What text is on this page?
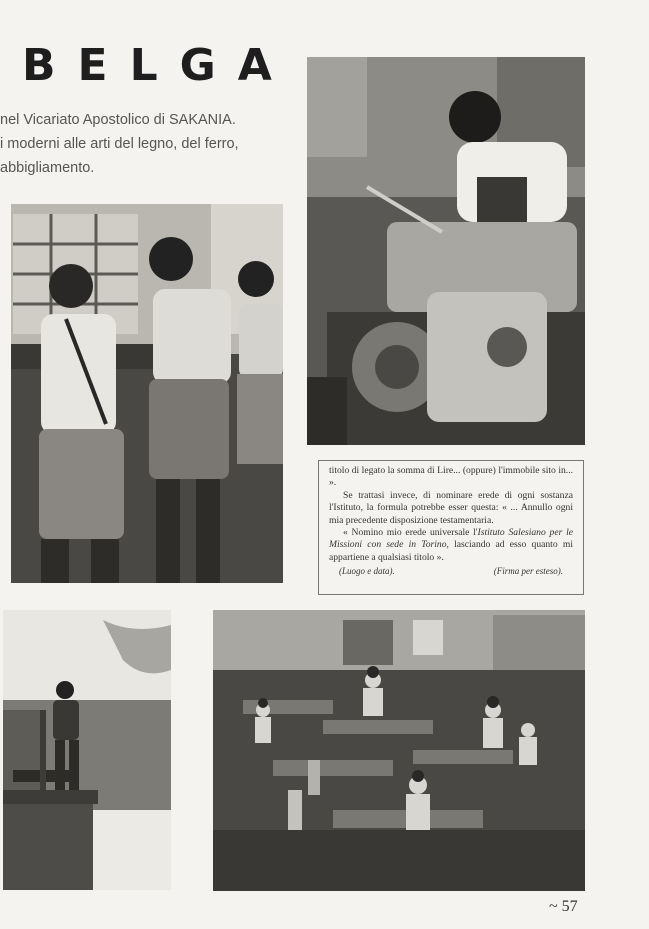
BELGA
nel Vicariato Apostolico di SAKANIA.
i moderni alle arti del legno, del ferro,
abbigliamento.

titolo di legato la somma di Lire... (oppure) l'immobile sito in... ».

Se trattasi invece, di nominare erede di ogni sostanza l'Istituto, la formula potrebbe esser questa: « ... Annullo ogni mia precedente disposizione testamentaria.

« Nomino mio erede universale l'Istituto Salesiano per le Missioni con sede in Torino, lasciando ad esso quanto mi appartiene a qualsiasi titolo ».

(Luogo e data).	(Firma per esteso).
~ 57
